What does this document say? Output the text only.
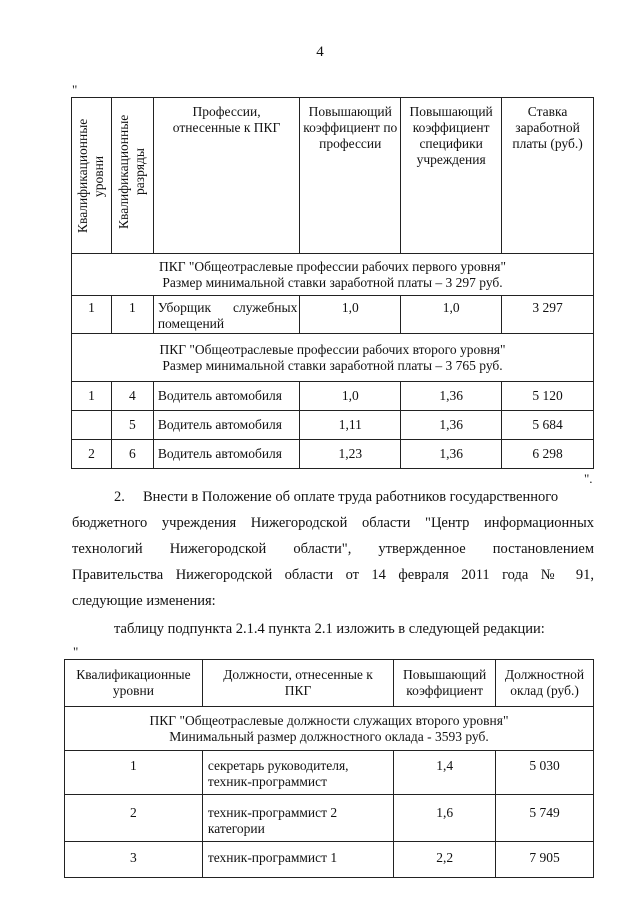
4
"
Квалификационные уровни	Квалификационные разряды	Профессии, отнесенные к ПКГ	Повышающий коэффициент по профессии	Повышающий коэффициент специфики учреждения	Ставка заработной платы (руб.)

ПКГ "Общеотраслевые профессии рабочих первого уровня"
Размер минимальной ставки заработной платы – 3 297 руб.					

1	1	Уборщик служебных помещений	1,0	1,0	3 297

ПКГ "Общеотраслевые профессии рабочих второго уровня"
Размер минимальной ставки заработной платы – 3 765 руб.					

1	4	Водитель автомобиля	1,0	1,36	5 120
	5	Водитель автомобиля	1,11	1,36	5 684
2	6	Водитель автомобиля	1,23	1,36	6 298
".
2.     Внести в Положение об оплате труда работников государственного
бюджетного учреждения Нижегородской области "Центр информационных
технологий   Нижегородской   области",   утвержденное   постановлением
Правительства Нижегородской области от 14 февраля 2011 года № 91,
следующие изменения:
таблицу подпункта 2.1.4 пункта 2.1 изложить в следующей редакции:
"
Квалификационные уровни	Должности, отнесенные к ПКГ	Повышающий коэффициент	Должностной оклад (руб.)

ПКГ "Общеотраслевые должности служащих второго уровня"
Минимальный размер должностного оклада - 3593 руб.			

1	секретарь руководителя, техник-программист	1,4	5 030
2	техник-программист 2 категории	1,6	5 749
3	техник-программист 1	2,2	7 905
